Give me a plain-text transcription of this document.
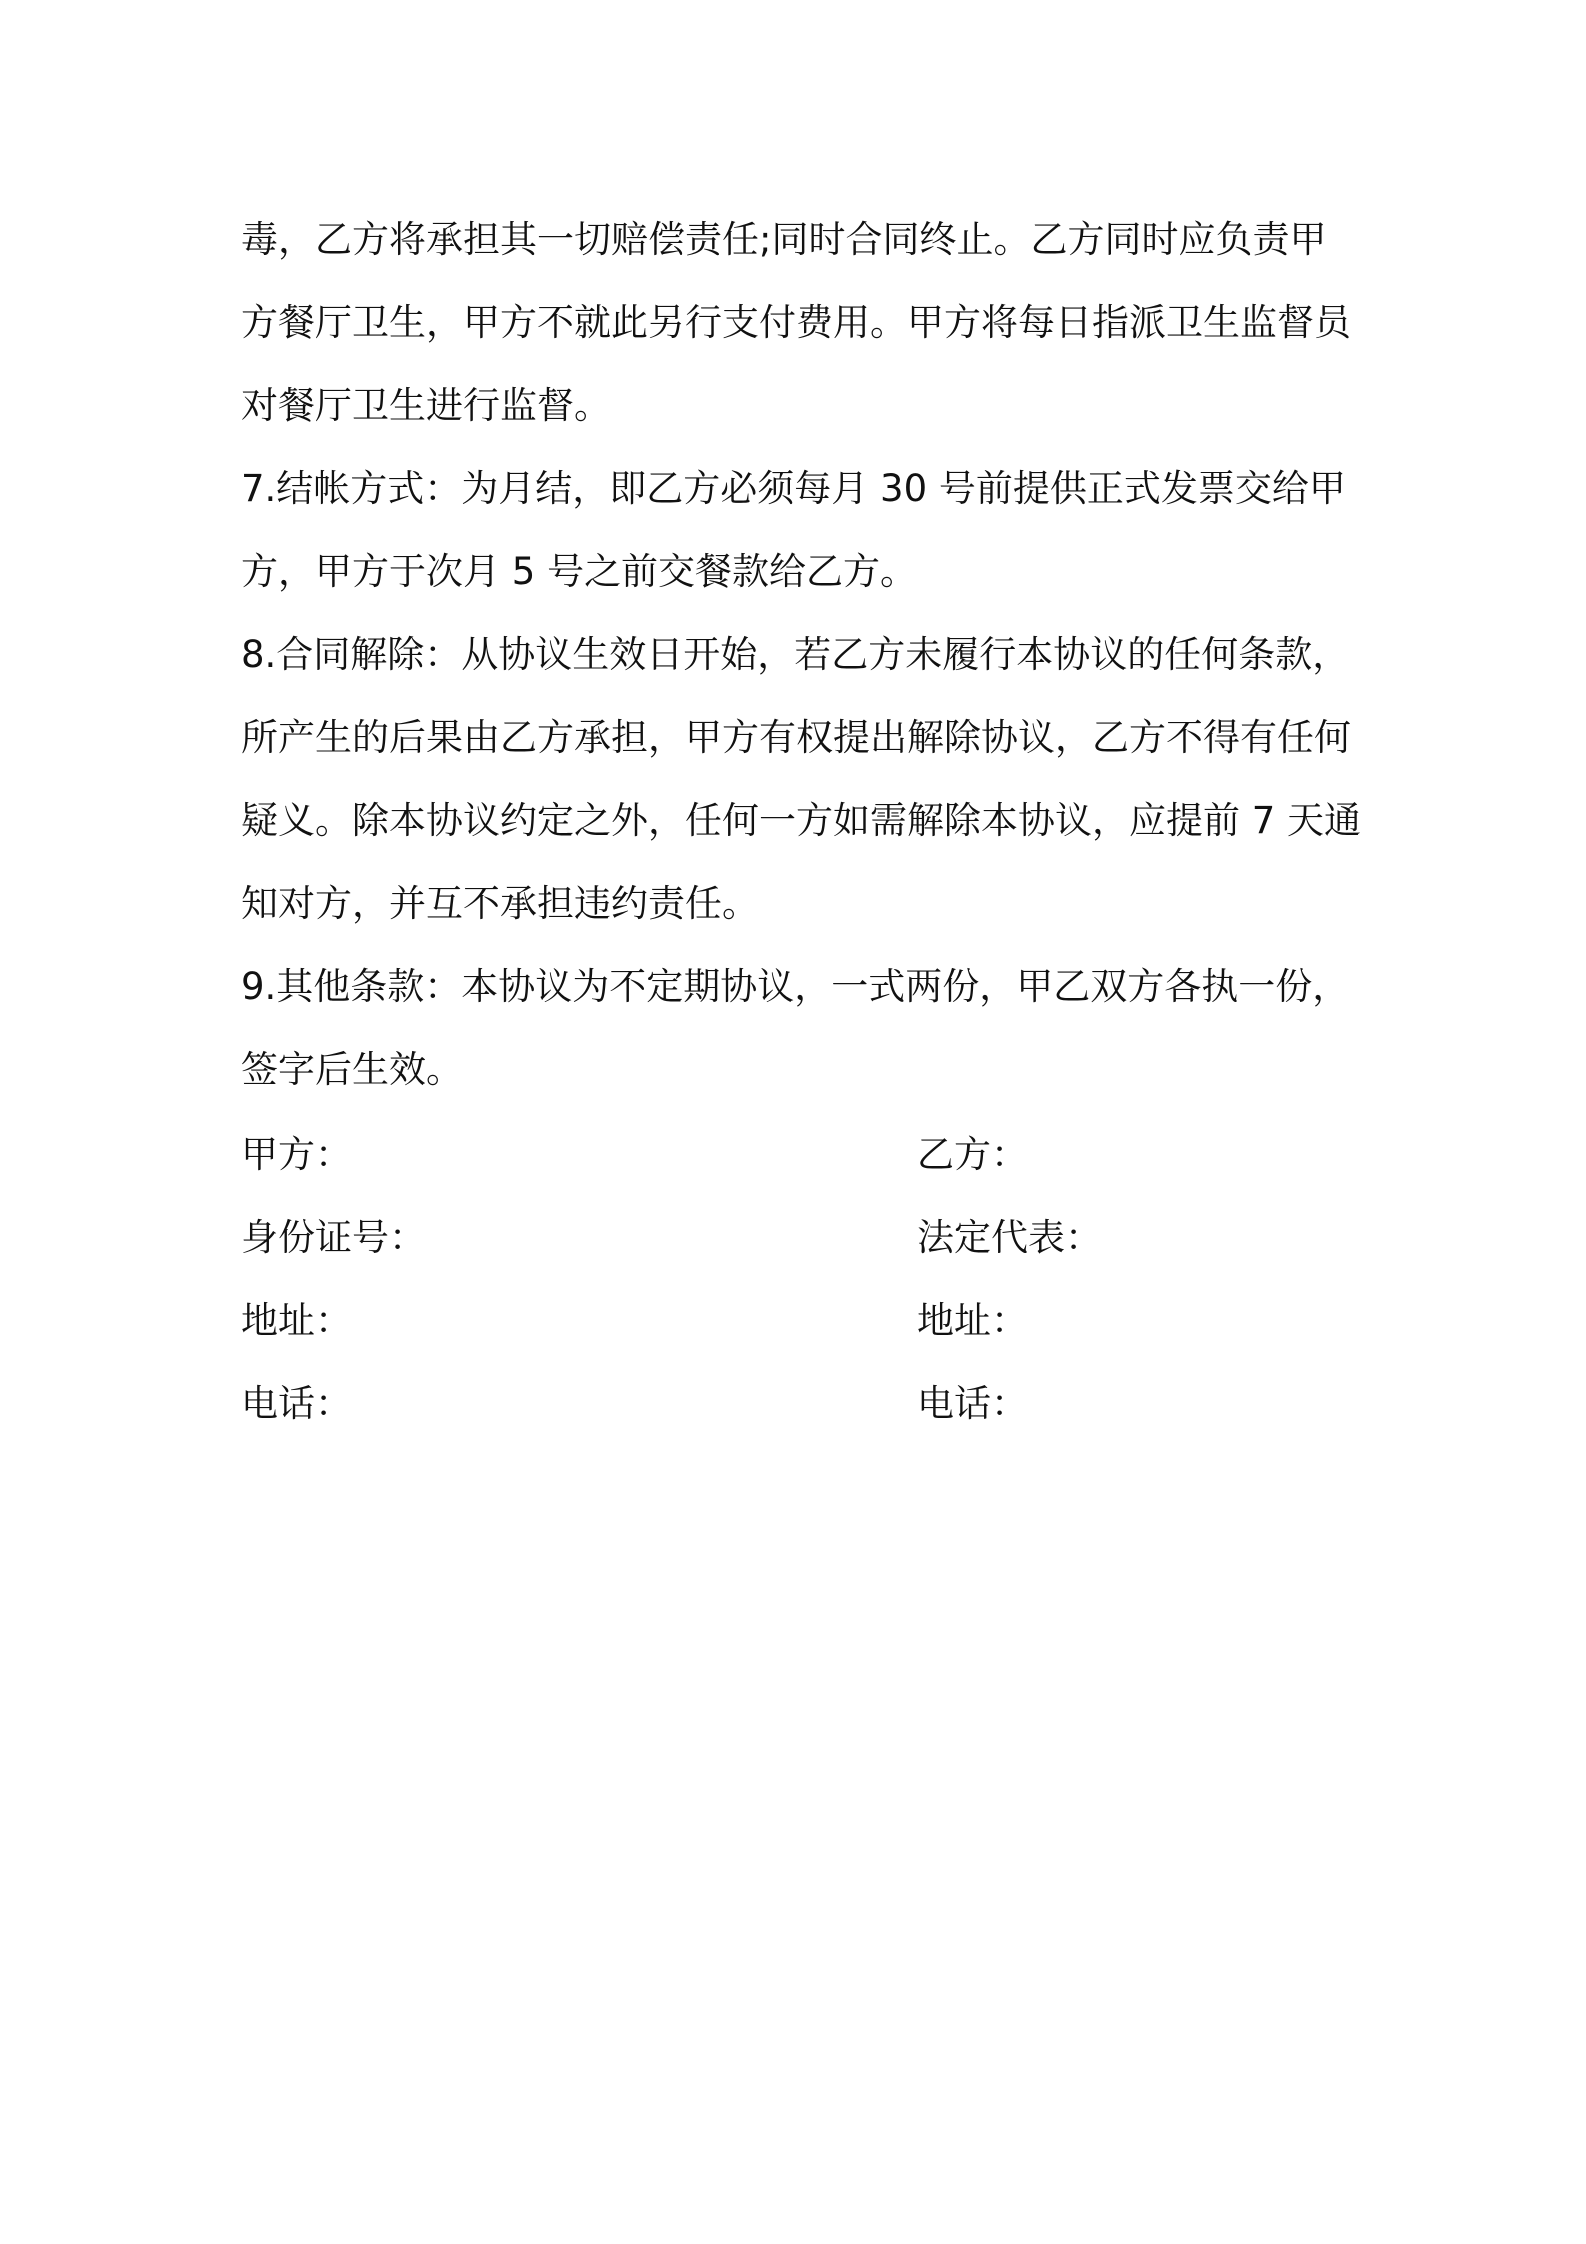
毒，乙方将承担其一切赔偿责任;同时合同终止。乙方同时应负责甲
方餐厅卫生，甲方不就此另行支付费用。甲方将每日指派卫生监督员
对餐厅卫生进行监督。
7.结帐方式：为月结，即乙方必须每月 30 号前提供正式发票交给甲
方，甲方于次月 5 号之前交餐款给乙方。
8.合同解除：从协议生效日开始，若乙方未履行本协议的任何条款，
所产生的后果由乙方承担，甲方有权提出解除协议，乙方不得有任何
疑义。除本协议约定之外，任何一方如需解除本协议，应提前 7 天通
知对方，并互不承担违约责任。
9.其他条款：本协议为不定期协议，一式两份，甲乙双方各执一份，
签字后生效。
甲方：	乙方：
身份证号：	法定代表：
地址：	地址：
电话：	电话：
